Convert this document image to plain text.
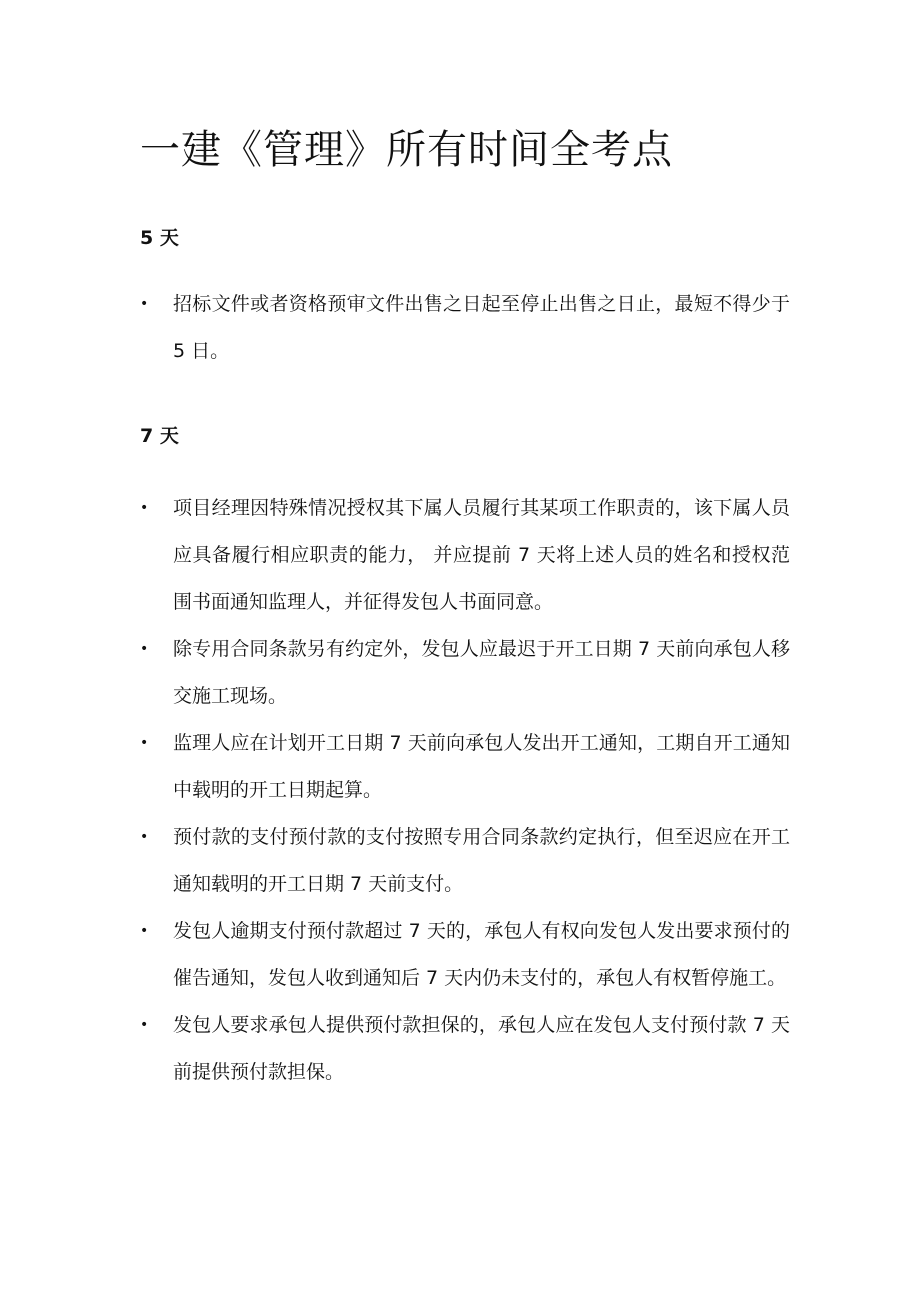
一建《管理》所有时间全考点
5 天
• 招标文件或者资格预审文件出售之日起至停止出售之日止，最短不得少于 5 日。
7 天
• 项目经理因特殊情况授权其下属人员履行其某项工作职责的，该下属人员应具备履行相应职责的能力， 并应提前 7 天将上述人员的姓名和授权范围书面通知监理人，并征得发包人书面同意。
• 除专用合同条款另有约定外，发包人应最迟于开工日期 7 天前向承包人移交施工现场。
• 监理人应在计划开工日期 7 天前向承包人发出开工通知，工期自开工通知中载明的开工日期起算。
• 预付款的支付预付款的支付按照专用合同条款约定执行，但至迟应在开工通知载明的开工日期 7 天前支付。
• 发包人逾期支付预付款超过 7 天的，承包人有权向发包人发出要求预付的催告通知，发包人收到通知后 7 天内仍未支付的，承包人有权暂停施工。
• 发包人要求承包人提供预付款担保的，承包人应在发包人支付预付款 7 天前提供预付款担保。
